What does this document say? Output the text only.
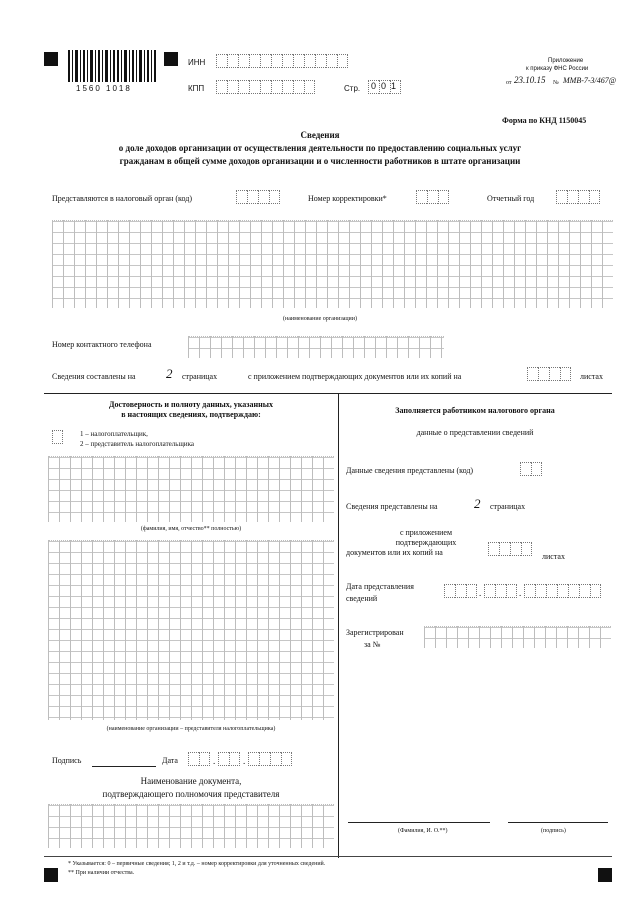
1560 1018
ИНН
КПП	Стр. 001
Приложение
к приказу ФНС России
от 23.10.15 № ММВ-7-3/467@
Форма по КНД 1150045
Сведения
о доле доходов организации от осуществления деятельности по предоставлению социальных услуг
гражданам в общей сумме доходов организации и о численности работников в штате организации
Представляются в налоговый орган (код)	Номер корректировки*	Отчетный год
(наименование организации)
Номер контактного телефона
Сведения составлены на 2 страницах	с приложением подтверждающих документов или их копий на	листах
Достоверность и полноту данных, указанных
в настоящих сведениях, подтверждаю:
1 – налогоплательщик,
2 – представитель налогоплательщика
(фамилия, имя, отчество** полностью)
(наименование организации – представителя налогоплательщика)
Подпись	Дата	.	.
Наименование документа,
подтверждающего полномочия представителя
Заполняется работником налогового органа
данные о представлении сведений
Данные сведения представлены (код)
Сведения представлены на	2 страницах
с приложением
подтверждающих
документов или их копий на	листах
Дата представления
сведений
.	.
Зарегистрирован
за №
(Фамилия, И. О.**)	(подпись)
* Указывается: 0 – первичные сведения; 1, 2 и т.д. – номер корректировки для уточненных сведений.
** При наличии отчества.
